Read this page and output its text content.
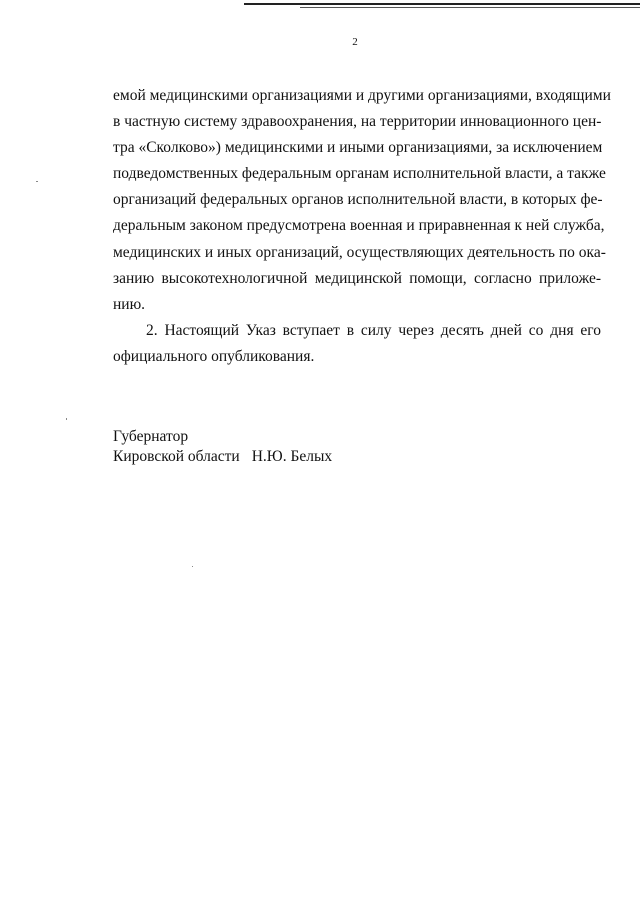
2
емой медицинскими организациями и другими организациями, входящими
в частную систему здравоохранения, на территории инновационного цен-
тра «Сколково») медицинскими и иными организациями, за исключением
подведомственных федеральным органам исполнительной власти, а также
организаций федеральных органов исполнительной власти, в которых фе-
деральным законом предусмотрена военная и приравненная к ней служба,
медицинских и иных организаций, осуществляющих деятельность по ока-
занию высокотехнологичной медицинской помощи, согласно приложе-
нию.
2. Настоящий Указ вступает в силу через десять дней со дня его
официального опубликования.
Губернатор
Кировской области Н.Ю. Белых
